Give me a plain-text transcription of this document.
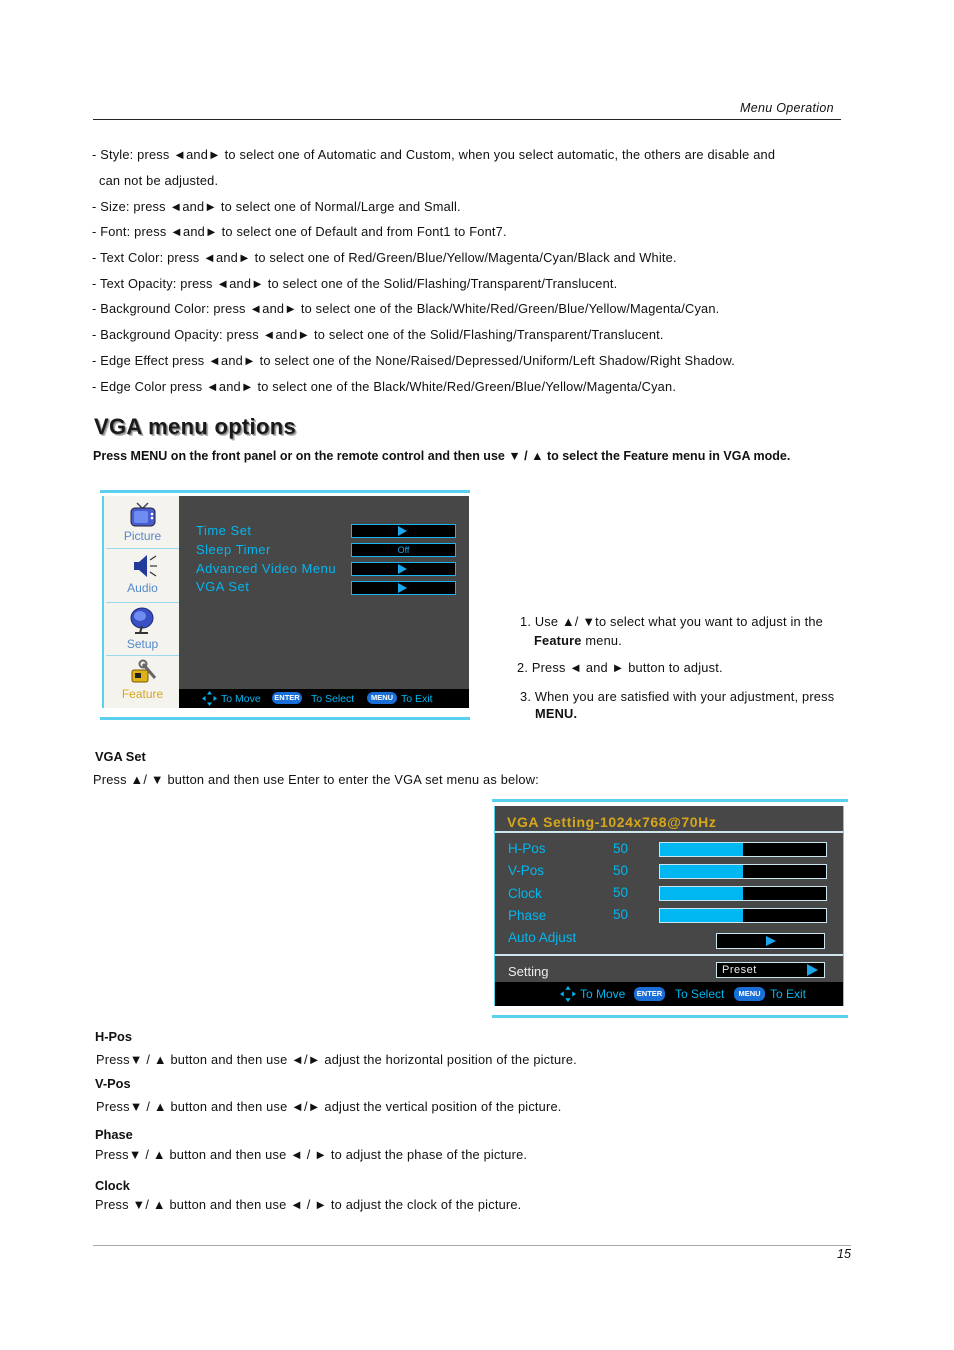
Menu Operation
- Style: press ◄and► to select one of Automatic and Custom, when you select automatic, the others are disable and
can not be adjusted.
- Size: press ◄and► to select one of Normal/Large and Small.
- Font: press ◄and► to select one of Default and from Font1 to Font7.
- Text Color: press ◄and► to select one of Red/Green/Blue/Yellow/Magenta/Cyan/Black and White.
- Text Opacity: press ◄and► to select one of the Solid/Flashing/Transparent/Translucent.
- Background Color: press ◄and► to select one of the Black/White/Red/Green/Blue/Yellow/Magenta/Cyan.
- Background Opacity: press ◄and► to select one of the Solid/Flashing/Transparent/Translucent.
- Edge Effect press ◄and► to select one of the None/Raised/Depressed/Uniform/Left Shadow/Right Shadow.
- Edge Color press ◄and► to select one of the Black/White/Red/Green/Blue/Yellow/Magenta/Cyan.
VGA menu options
Press MENU on the front panel or on the remote control and then use ▼ / ▲ to select the Feature menu in VGA mode.
Picture
Audio
Setup
Feature
Time Set
Sleep Timer	Off
Advanced Video Menu
VGA Set
To Move	ENTER To Select	MENU To Exit
1. Use ▲/ ▼to select what you want to adjust in the
Feature menu.
2. Press ◄ and ► button to adjust.
3. When you are satisfied with your adjustment, press
MENU.
VGA Set
Press ▲/ ▼ button and then use Enter to enter the VGA set menu as below:
VGA Setting-1024x768@70Hz
H-Pos	50
V-Pos	50
Clock	50
Phase	50
Auto Adjust
Setting	Preset
To Move	ENTER To Select	MENU To Exit
H-Pos
Press▼ / ▲ button and then use ◄/► adjust the horizontal position of the picture.
V-Pos
Press▼ / ▲ button and then use ◄/► adjust the vertical position of the picture.
Phase
Press▼ / ▲ button and then use ◄ / ► to adjust the phase of the picture.
Clock
Press ▼/ ▲ button and then use ◄ / ► to adjust the clock of the picture.
15
